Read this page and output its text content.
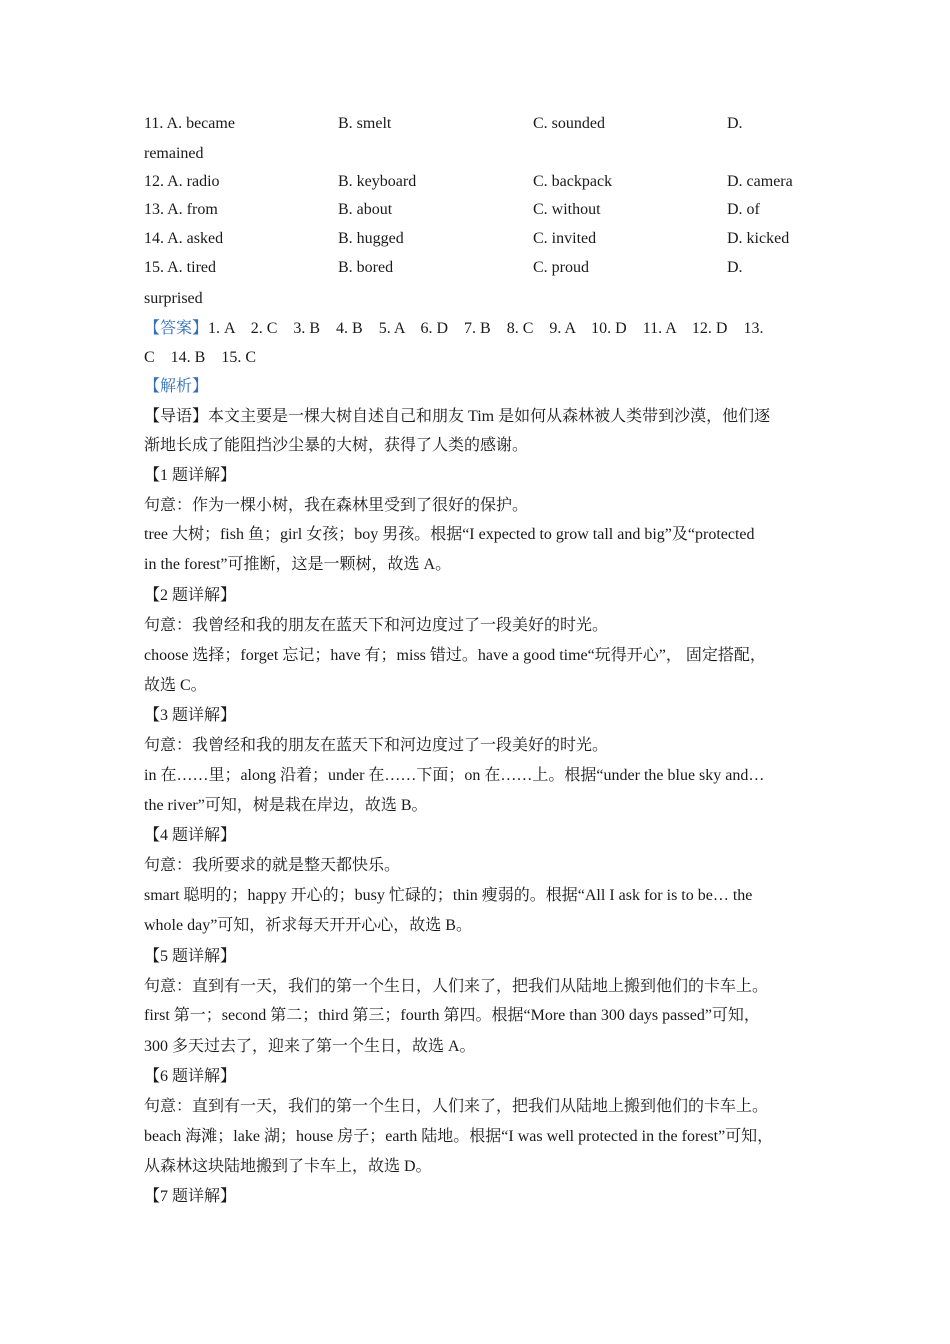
11. A. became	B. smelt	C. sounded	D.
remained
12. A. radio	B. keyboard	C. backpack	D. camera
13. A. from	B. about	C. without	D. of
14. A. asked	B. hugged	C. invited	D. kicked
15. A. tired	B. bored	C. proud	D.
surprised
【答案】1. A    2. C    3. B    4. B    5. A    6. D    7. B    8. C    9. A    10. D    11. A    12. D    13.
C    14. B    15. C
【解析】
【导语】本文主要是一棵大树自述自己和朋友 Tim 是如何从森林被人类带到沙漠，他们逐
渐地长成了能阻挡沙尘暴的大树，获得了人类的感谢。
【1 题详解】
句意：作为一棵小树，我在森林里受到了很好的保护。
tree 大树；fish 鱼；girl 女孩；boy 男孩。根据“I expected to grow tall and big”及“protected
in the forest”可推断，这是一颗树，故选 A。
【2 题详解】
句意：我曾经和我的朋友在蓝天下和河边度过了一段美好的时光。
choose 选择；forget 忘记；have 有；miss 错过。have a good time“玩得开心”， 固定搭配，
故选 C。
【3 题详解】
句意：我曾经和我的朋友在蓝天下和河边度过了一段美好的时光。
in 在……里；along 沿着；under 在……下面；on 在……上。根据“under the blue sky and…
the river”可知，树是栽在岸边，故选 B。
【4 题详解】
句意：我所要求的就是整天都快乐。
smart 聪明的；happy 开心的；busy 忙碌的；thin 瘦弱的。根据“All I ask for is to be… the
whole day”可知，祈求每天开开心心，故选 B。
【5 题详解】
句意：直到有一天，我们的第一个生日，人们来了，把我们从陆地上搬到他们的卡车上。
first 第一；second 第二；third 第三；fourth 第四。根据“More than 300 days passed”可知，
300 多天过去了，迎来了第一个生日，故选 A。
【6 题详解】
句意：直到有一天，我们的第一个生日，人们来了，把我们从陆地上搬到他们的卡车上。
beach 海滩；lake 湖；house 房子；earth 陆地。根据“I was well protected in the forest”可知，
从森林这块陆地搬到了卡车上，故选 D。
【7 题详解】
